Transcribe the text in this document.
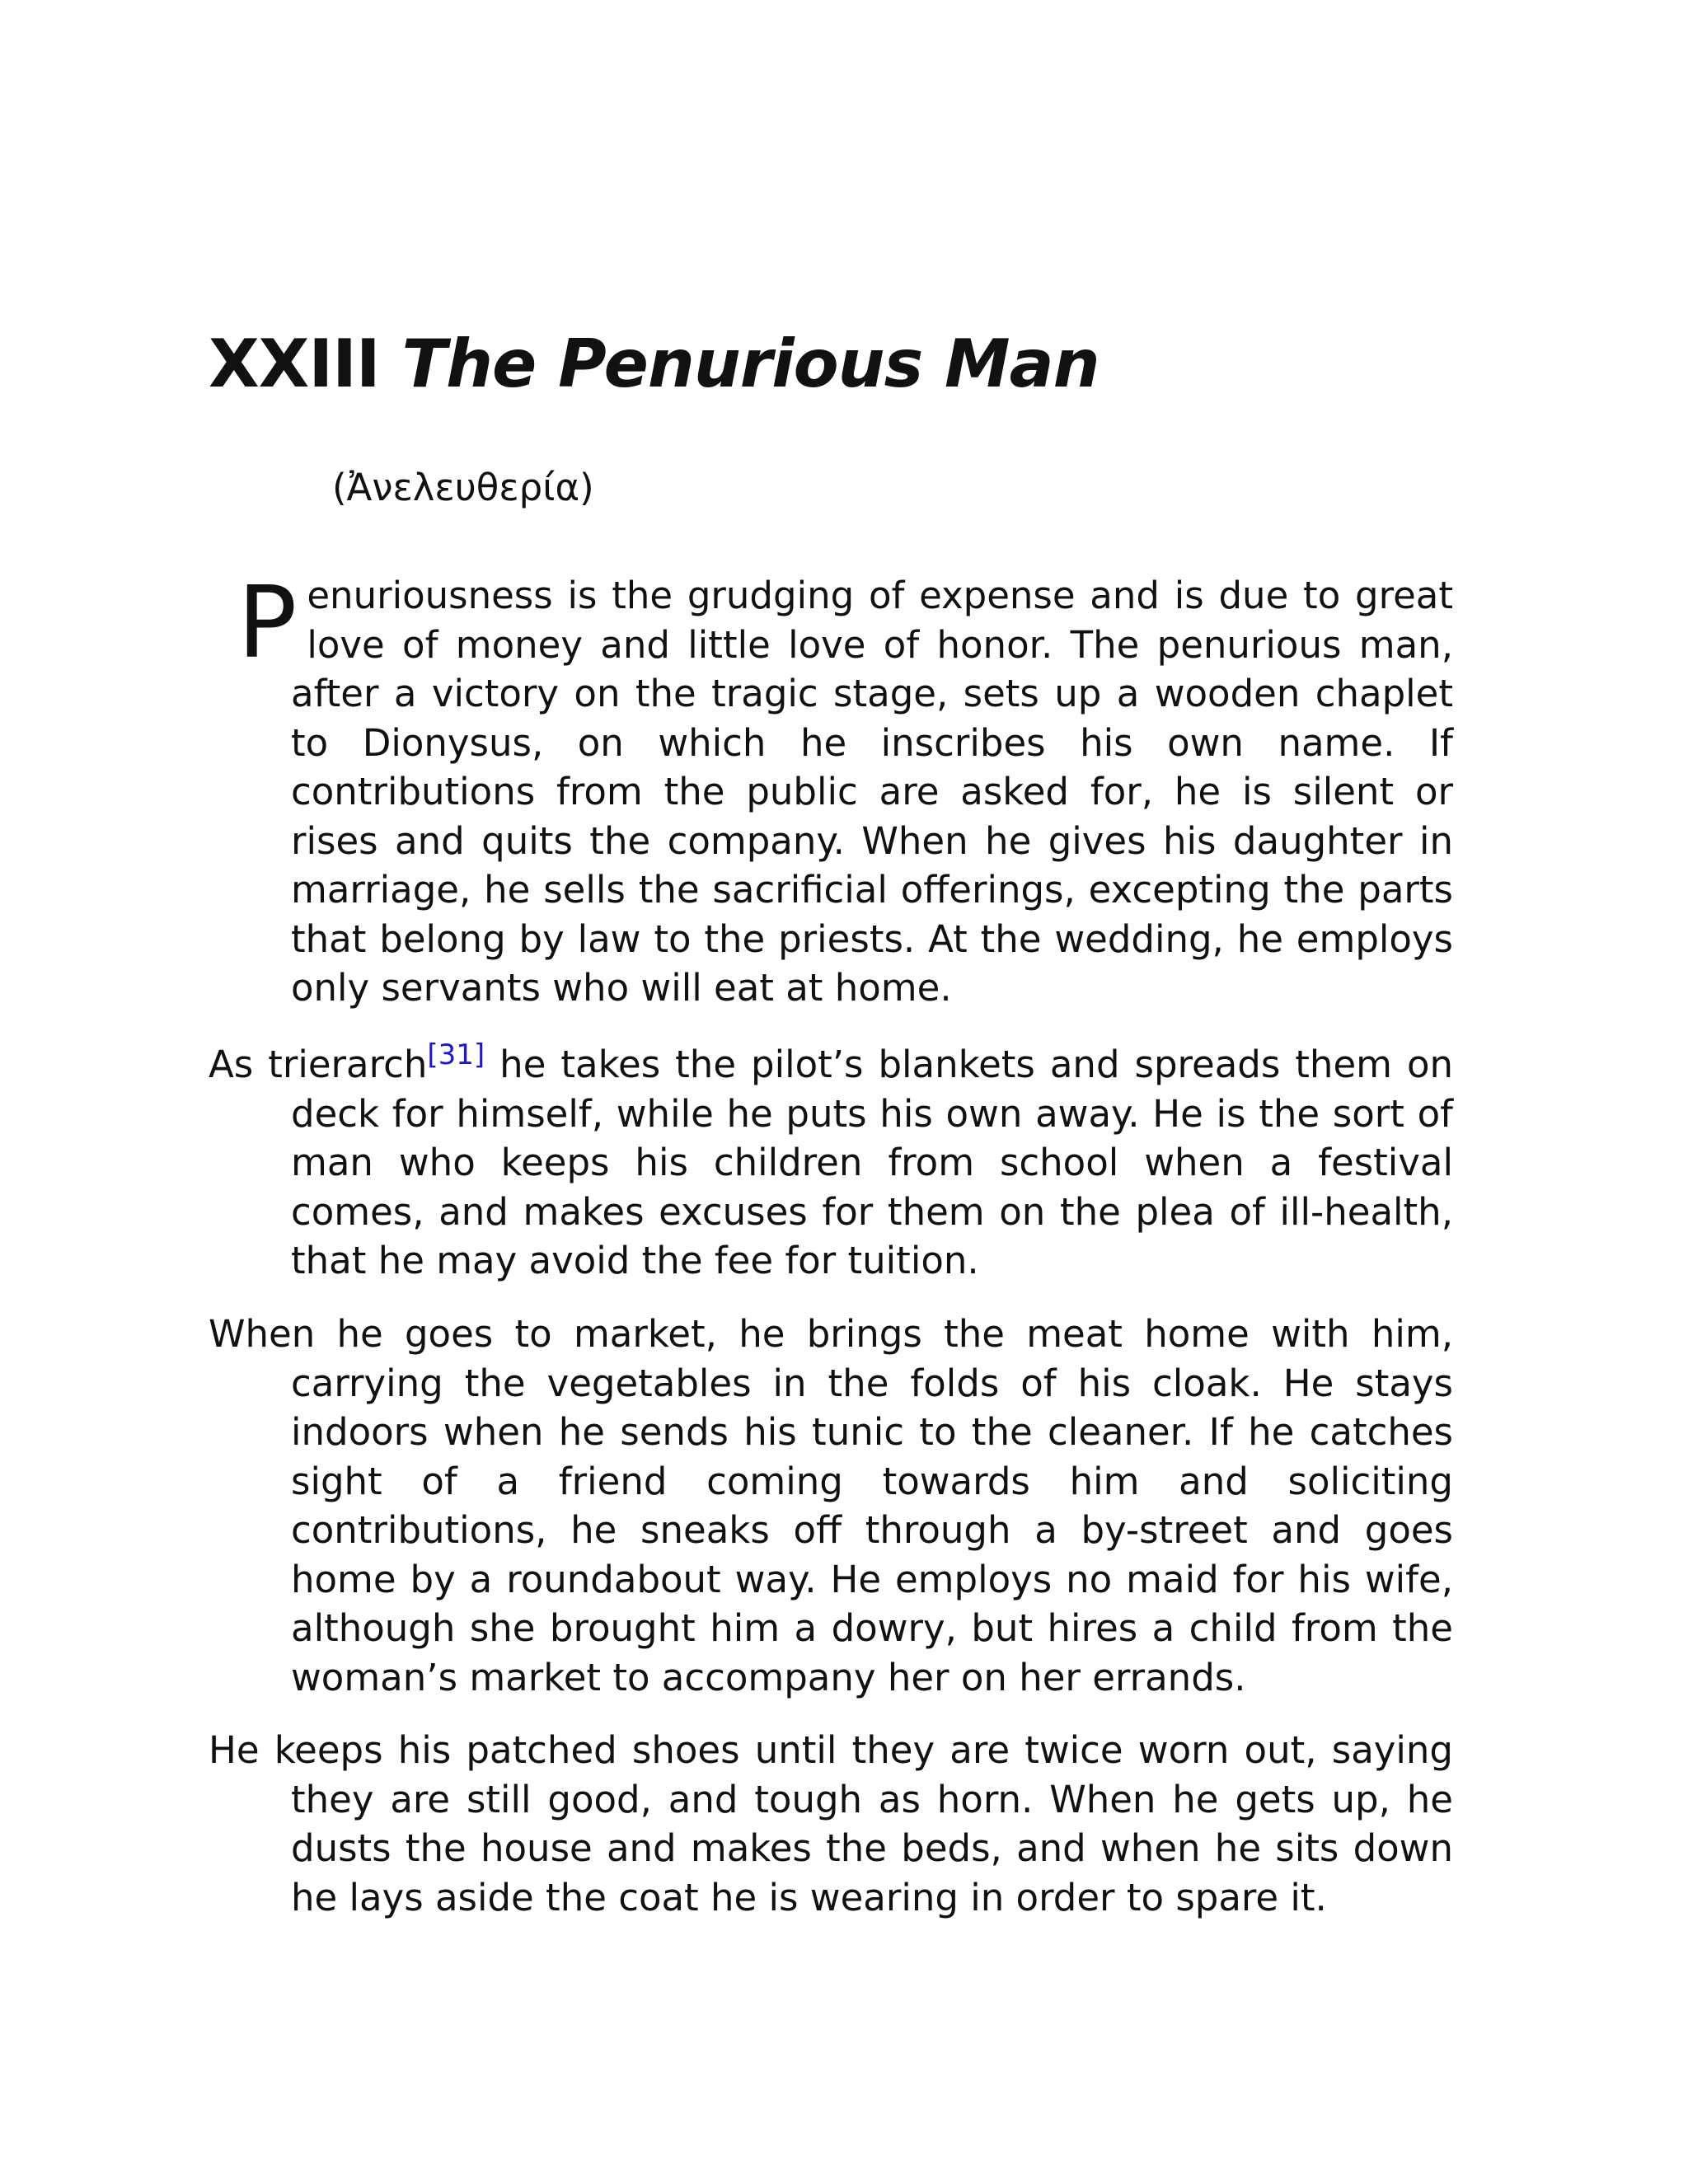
XXIII The Penurious Man

(Ἀνελευθερία)

Penuriousness is the grudging of expense and is due to great love of money and little love of honor. The penurious man, after a victory on the tragic stage, sets up a wooden chaplet to Dionysus, on which he inscribes his own name. If contributions from the public are asked for, he is silent or rises and quits the company. When he gives his daughter in marriage, he sells the sacrificial offerings, excepting the parts that belong by law to the priests. At the wedding, he employs only servants who will eat at home.

As trierarch[31] he takes the pilot’s blankets and spreads them on deck for himself, while he puts his own away. He is the sort of man who keeps his children from school when a festival comes, and makes excuses for them on the plea of ill-health, that he may avoid the fee for tuition.

When he goes to market, he brings the meat home with him, carrying the vegetables in the folds of his cloak. He stays indoors when he sends his tunic to the cleaner. If he catches sight of a friend coming towards him and soliciting contributions, he sneaks off through a by-street and goes home by a roundabout way. He employs no maid for his wife, although she brought him a dowry, but hires a child from the woman’s market to accompany her on her errands.

He keeps his patched shoes until they are twice worn out, saying they are still good, and tough as horn. When he gets up, he dusts the house and makes the beds, and when he sits down he lays aside the coat he is wearing in order to spare it.
